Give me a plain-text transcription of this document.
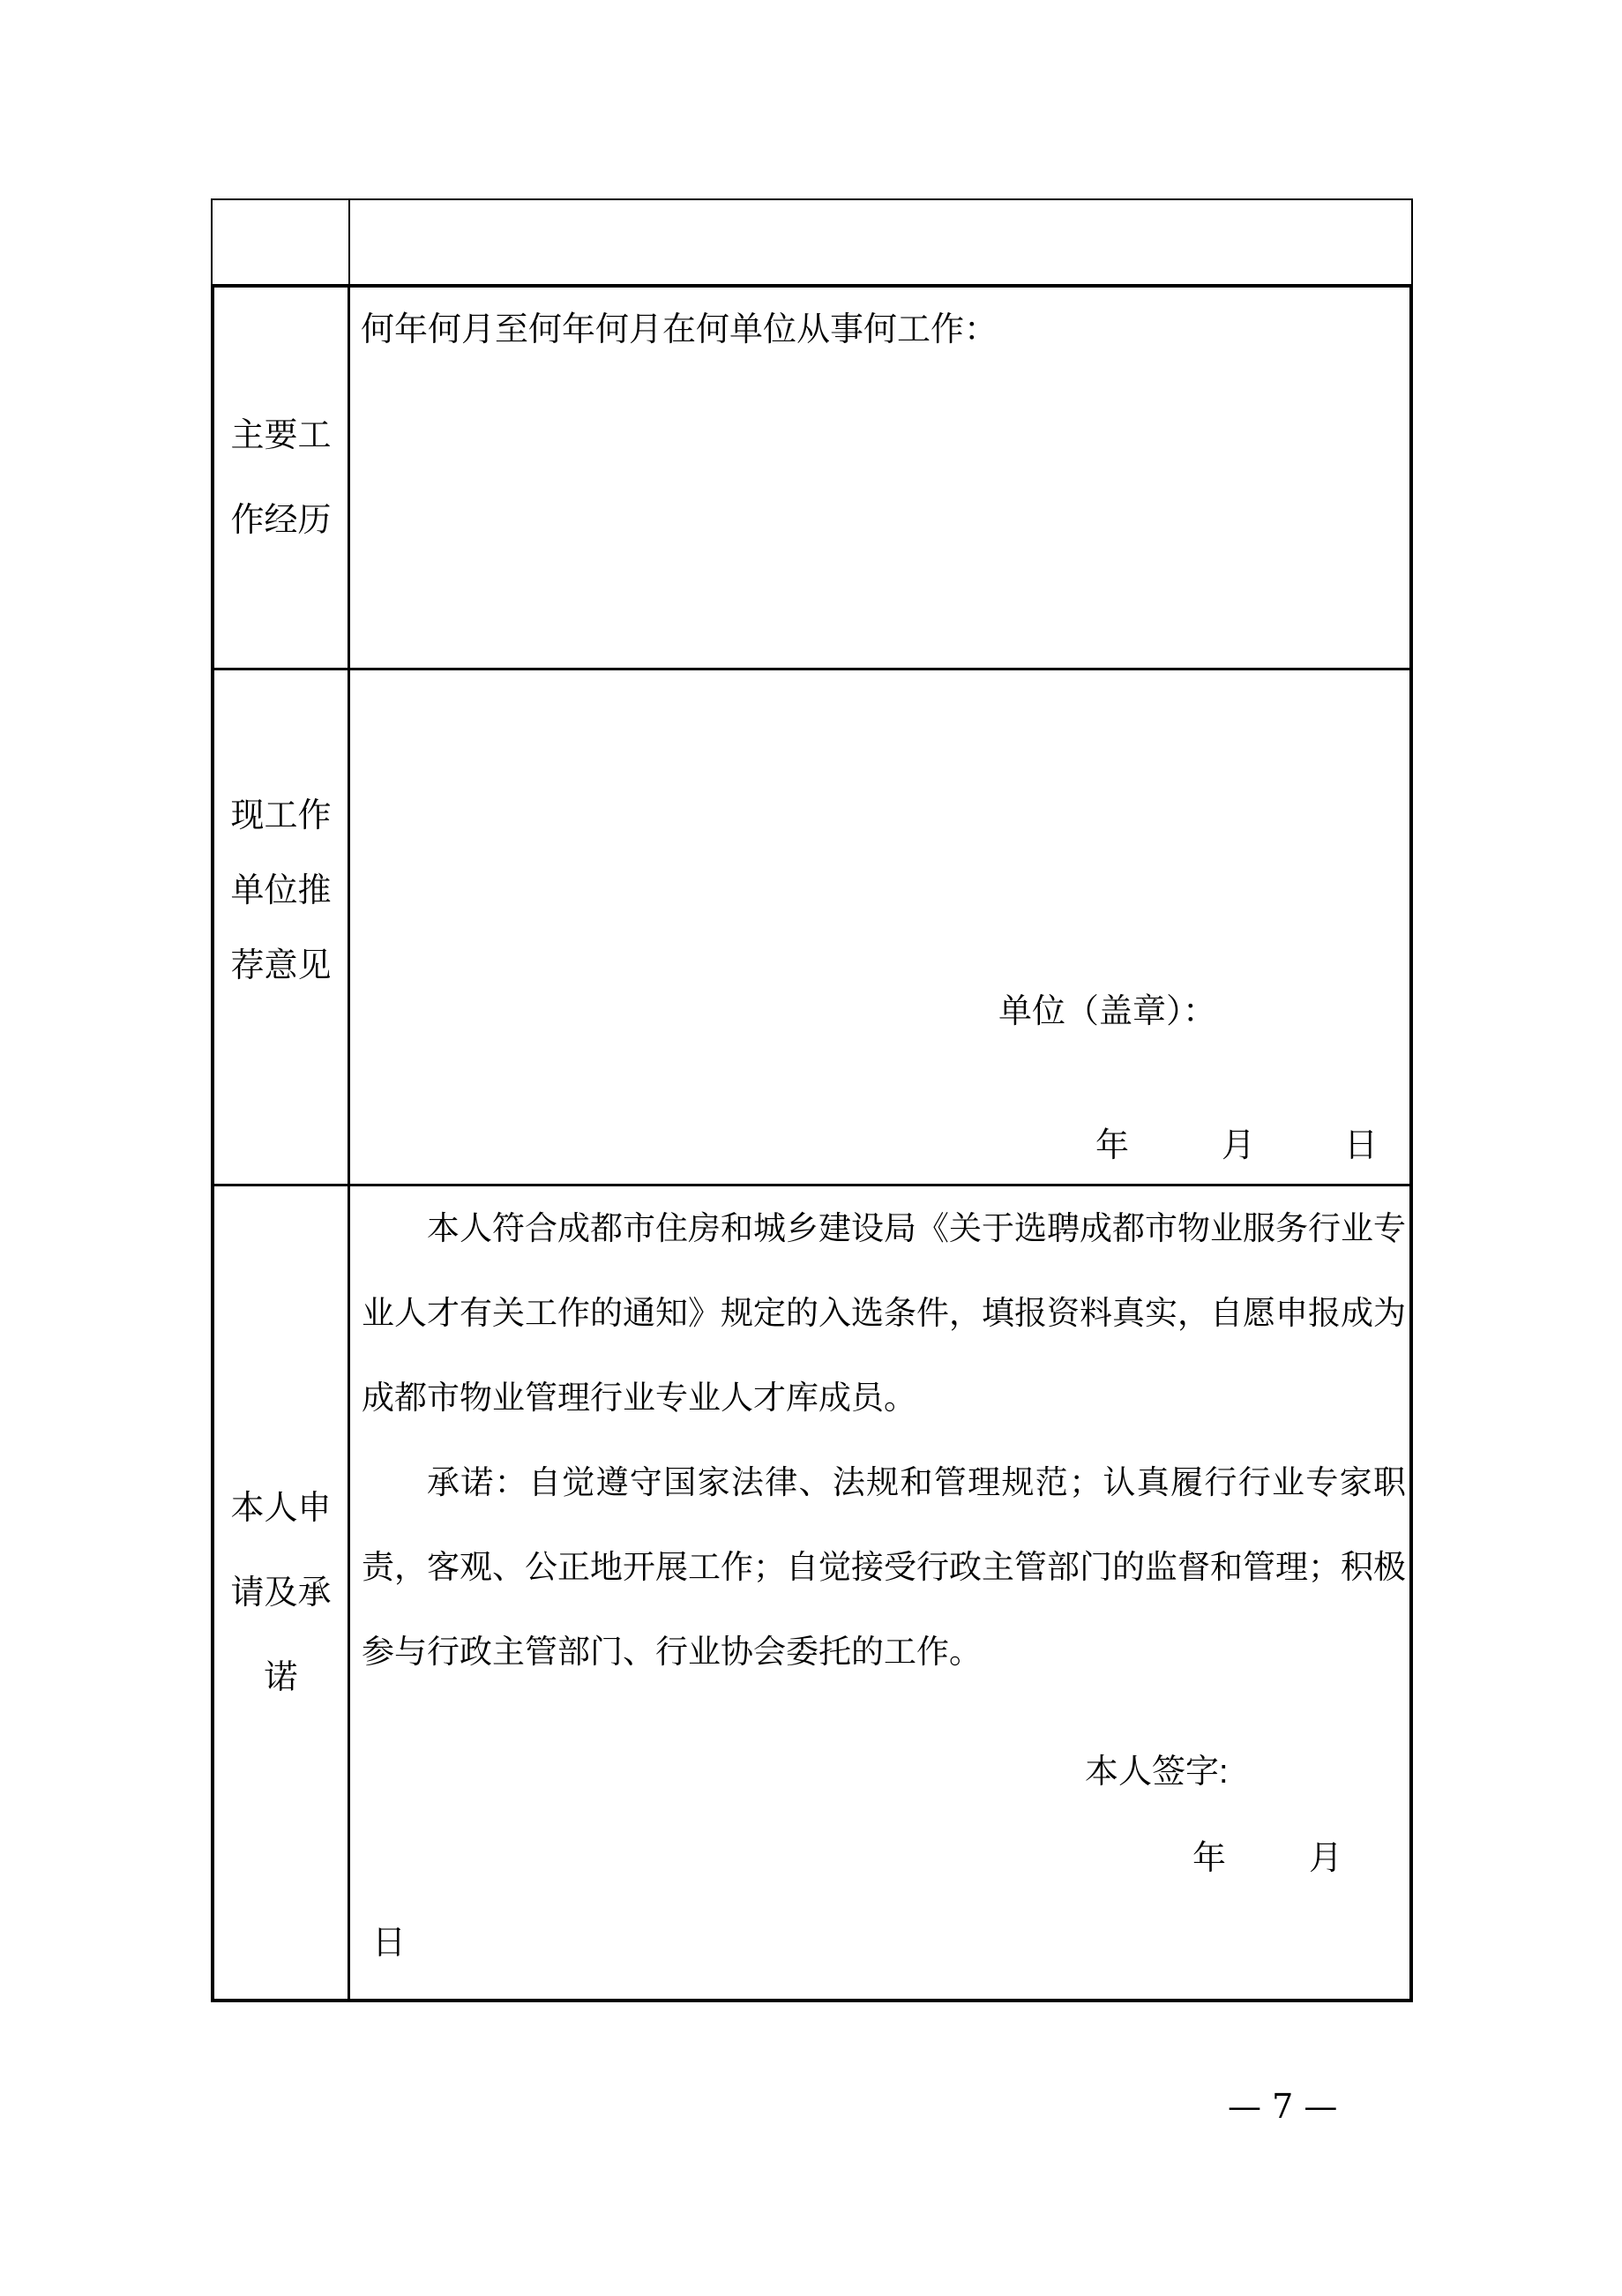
主要工
作经历
何年何月至何年何月在何单位从事何工作：
现工作
单位推
荐意见
单位（盖章）：
年	月	日
本人申
请及承
诺

本人符合成都市住房和城乡建设局《关于选聘成都市物业服务行业专业人才有关工作的通知》规定的入选条件，填报资料真实，自愿申报成为成都市物业管理行业专业人才库成员。

承诺：自觉遵守国家法律、法规和管理规范；认真履行行业专家职责，客观、公正地开展工作；自觉接受行政主管部门的监督和管理；积极参与行政主管部门、行业协会委托的工作。

本人签字:
年 月
日
— 7 —
